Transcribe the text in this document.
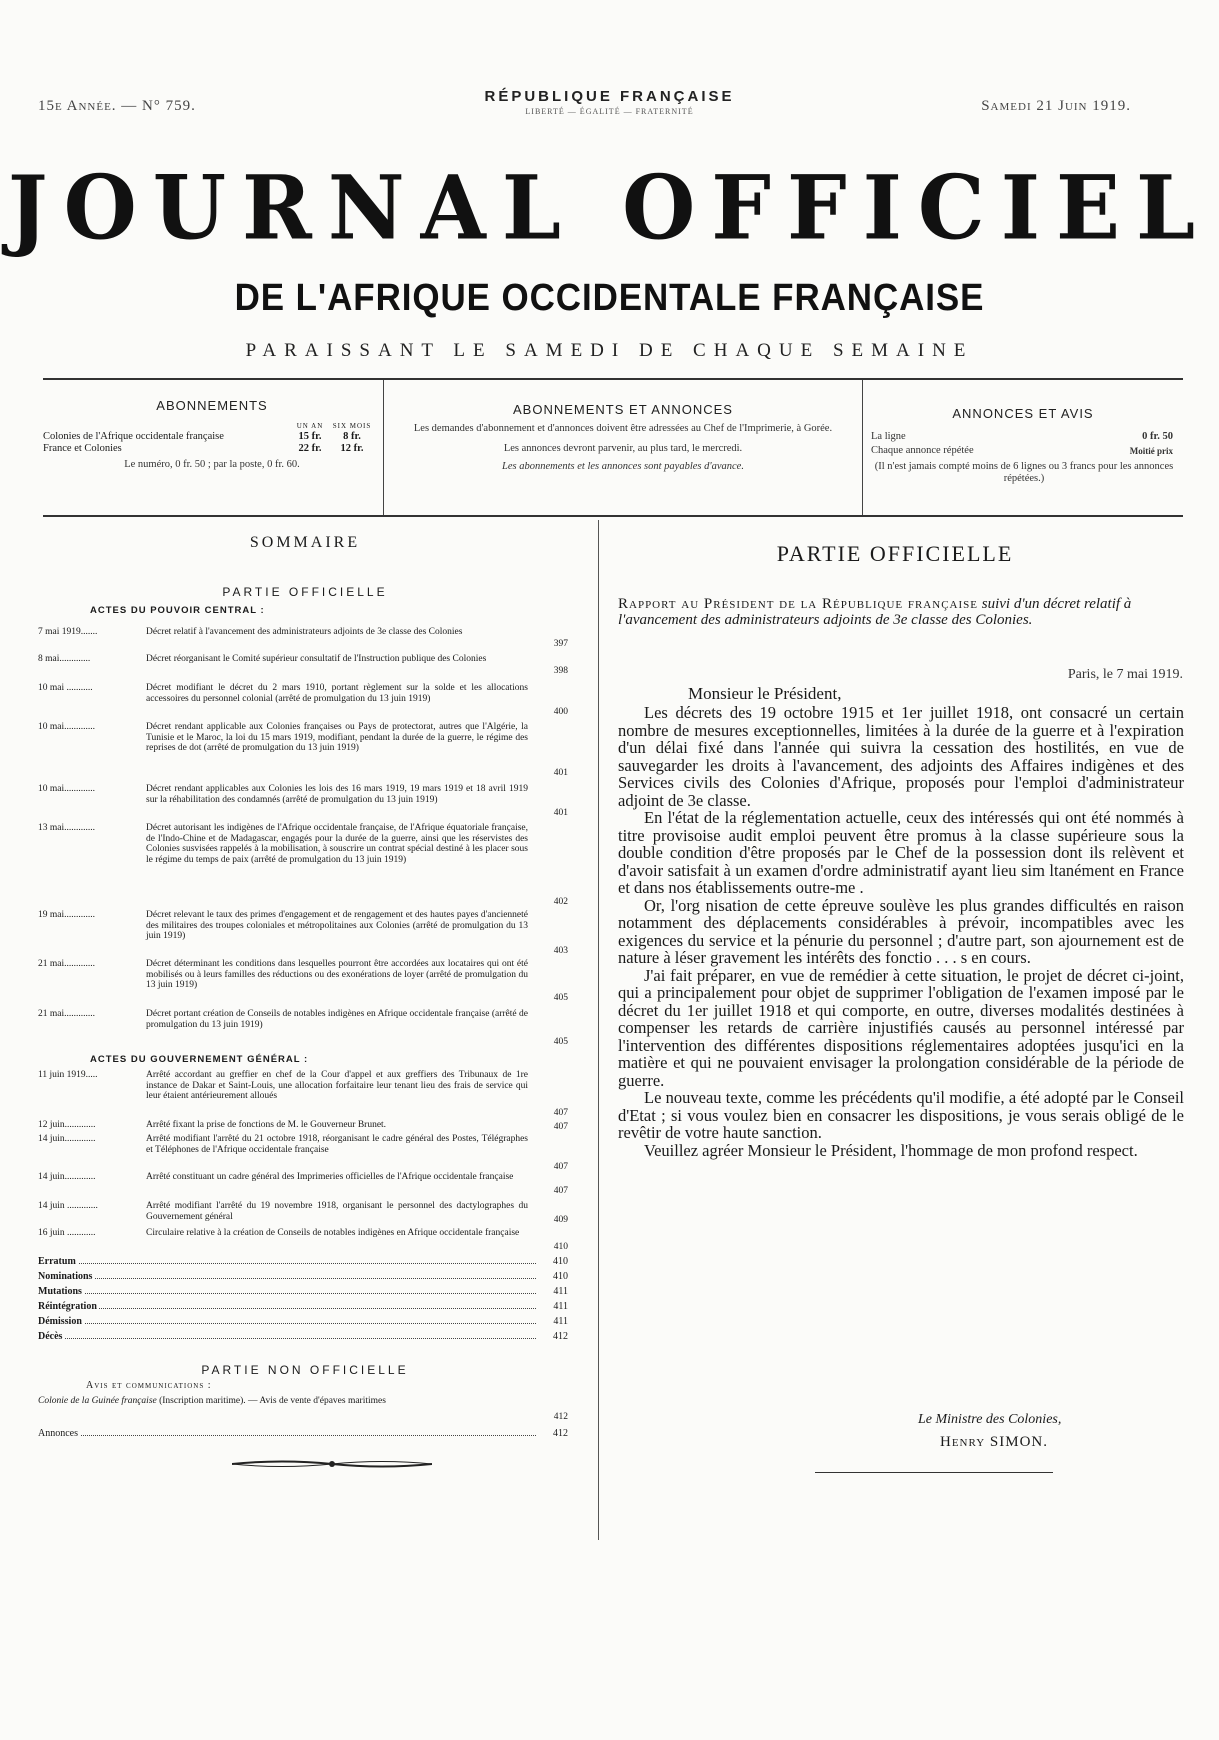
15e Année. — N° 759.
RÉPUBLIQUE FRANÇAISE
LIBERTÉ — ÉGALITÉ — FRATERNITÉ	Samedi 21 Juin 1919.
JOURNAL OFFICIEL
DE L'AFRIQUE OCCIDENTALE FRANÇAISE
PARAISSANT LE SAMEDI DE CHAQUE SEMAINE
ABONNEMENTS
	UN AN	SIX MOIS
Colonies de l'Afrique occidentale française	15 fr.	8 fr.
France et Colonies	22 fr.	12 fr.
Le numéro, 0 fr. 50 ; par la poste, 0 fr. 60.
ABONNEMENTS ET ANNONCES
Les demandes d'abonnement et d'annonces doivent être adressées au Chef de l'Imprimerie, à Gorée.
Les annonces devront parvenir, au plus tard, le mercredi.
Les abonnements et les annonces sont payables d'avance.
ANNONCES ET AVIS
La ligne	0 fr. 50
Chaque annonce répétée	Moitié prix
(Il n'est jamais compté moins de 6 lignes ou 3 francs pour les annonces répétées.)
SOMMAIRE
PARTIE OFFICIELLE
ACTES DU POUVOIR CENTRAL :
7 mai 1919.......	Décret relatif à l'avancement des administrateurs adjoints de 3e classe des Colonies
397
8 mai.............	Décret réorganisant le Comité supérieur consultatif de l'Instruction publique des Colonies
398
10 mai ...........	Décret modifiant le décret du 2 mars 1910, portant règlement sur la solde et les allocations accessoires du personnel colonial (arrêté de promulgation du 13 juin 1919)
400
10 mai.............	Décret rendant applicable aux Colonies françaises ou Pays de protectorat, autres que l'Algérie, la Tunisie et le Maroc, la loi du 15 mars 1919, modifiant, pendant la durée de la guerre, le régime des reprises de dot (arrêté de promulgation du 13 juin 1919)
401
10 mai.............	Décret rendant applicables aux Colonies les lois des 16 mars 1919, 19 mars 1919 et 18 avril 1919 sur la réhabilitation des condamnés (arrêté de promulgation du 13 juin 1919)
401
13 mai.............	Décret autorisant les indigènes de l'Afrique occidentale française, de l'Afrique équatoriale française, de l'Indo-Chine et de Madagascar, engagés pour la durée de la guerre, ainsi que les réservistes des Colonies susvisées rappelés à la mobilisation, à souscrire un contrat spécial destiné à les placer sous le régime du temps de paix (arrêté de promulgation du 13 juin 1919)
402
19 mai.............	Décret relevant le taux des primes d'engagement et de rengagement et des hautes payes d'ancienneté des militaires des troupes coloniales et métropolitaines aux Colonies (arrêté de promulgation du 13 juin 1919)
403
21 mai.............	Décret déterminant les conditions dans lesquelles pourront être accordées aux locataires qui ont été mobilisés ou à leurs familles des réductions ou des exonérations de loyer (arrêté de promulgation du 13 juin 1919)
405
21 mai.............	Décret portant création de Conseils de notables indigènes en Afrique occidentale française (arrêté de promulgation du 13 juin 1919)
405
ACTES DU GOUVERNEMENT GÉNÉRAL :
11 juin 1919.....	Arrêté accordant au greffier en chef de la Cour d'appel et aux greffiers des Tribunaux de 1re instance de Dakar et Saint-Louis, une allocation forfaitaire leur tenant lieu des frais de service qui leur étaient antérieurement alloués
407
12 juin.............	Arrêté fixant la prise de fonctions de M. le Gouverneur Brunet.	407
14 juin.............	Arrêté modifiant l'arrêté du 21 octobre 1918, réorganisant le cadre général des Postes, Télégraphes et Téléphones de l'Afrique occidentale française
407
14 juin.............	Arrêté constituant un cadre général des Imprimeries officielles de l'Afrique occidentale française
407
14 juin .............	Arrêté modifiant l'arrêté du 19 novembre 1918, organisant le personnel des dactylographes du Gouvernement général	409
16 juin ............	Circulaire relative à la création de Conseils de notables indigènes en Afrique occidentale française
410
Erratum	410
Nominations	410
Mutations	411
Réintégration	411
Démission	411
Décès	412
PARTIE NON OFFICIELLE
Avis et communications :
Colonie de la Guinée française (Inscription maritime). — Avis de vente d'épaves maritimes
412
Annonces	412
PARTIE OFFICIELLE
Rapport au Président de la République française suivi d'un décret relatif à l'avancement des administrateurs adjoints de 3e classe des Colonies.
Paris, le 7 mai 1919.
Monsieur le Président,

Les décrets des 19 octobre 1915 et 1er juillet 1918, ont consacré un certain nombre de mesures exceptionnelles, limitées à la durée de la guerre et à l'expiration d'un délai fixé dans l'année qui suivra la cessation des hostilités, en vue de sauvegarder les droits à l'avancement, des adjoints des Affaires indigènes et des Services civils des Colonies d'Afrique, proposés pour l'emploi d'administrateur adjoint de 3e classe.

En l'état de la réglementation actuelle, ceux des intéressés qui ont été nommés à titre provisoise audit emploi peuvent être promus à la classe supérieure sous la double condition d'être proposés par le Chef de la possession dont ils relèvent et d'avoir satisfait à un examen d'ordre administratif ayant lieu sim ltanément en France et dans nos établissements outre-me .

Or, l'org nisation de cette épreuve soulève les plus grandes difficultés en raison notamment des déplacements considérables à prévoir, incompatibles avec les exigences du service et la pénurie du personnel ; d'autre part, son ajournement est de nature à léser gravement les intérêts des fonctio . . . s en cours.

J'ai fait préparer, en vue de remédier à cette situation, le projet de décret ci-joint, qui a principalement pour objet de supprimer l'obligation de l'examen imposé par le décret du 1er juillet 1918 et qui comporte, en outre, diverses modalités destinées à compenser les retards de carrière injustifiés causés au personnel intéressé par l'intervention des différentes dispositions réglementaires adoptées jusqu'ici en la matière et qui ne pouvaient envisager la prolongation considérable de la période de guerre.

Le nouveau texte, comme les précédents qu'il modifie, a été adopté par le Conseil d'Etat ; si vous voulez bien en consacrer les dispositions, je vous serais obligé de le revêtir de votre haute sanction.

Veuillez agréer Monsieur le Président, l'hommage de mon profond respect.

Le Ministre des Colonies,
Henry SIMON.
